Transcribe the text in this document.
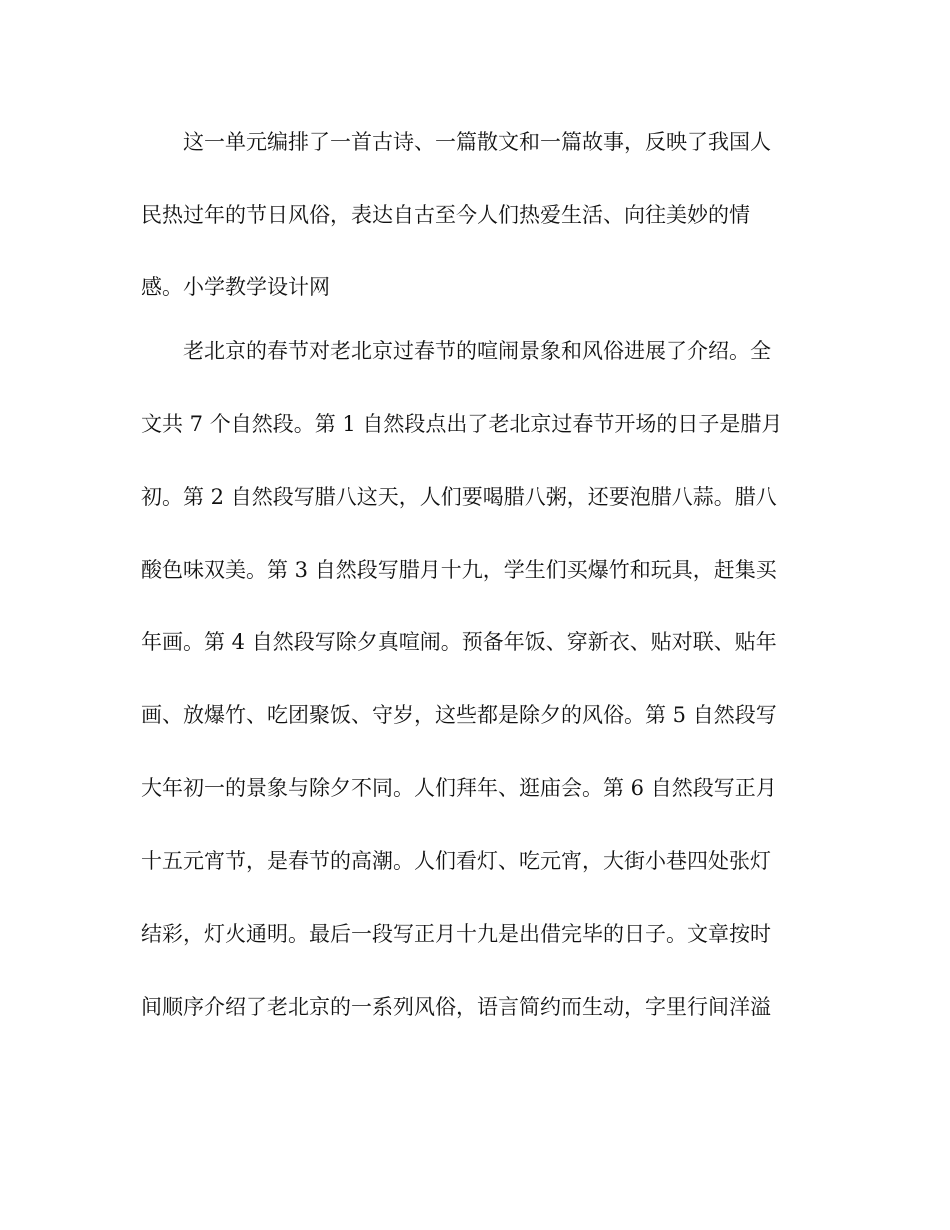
这一单元编排了一首古诗、一篇散文和一篇故事，反映了我国人
民热过年的节日风俗，表达自古至今人们热爱生活、向往美妙的情
感。小学教学设计网
老北京的春节对老北京过春节的喧闹景象和风俗进展了介绍。全
文共 7 个自然段。第 1 自然段点出了老北京过春节开场的日子是腊月
初。第 2 自然段写腊八这天，人们要喝腊八粥，还要泡腊八蒜。腊八
酸色味双美。第 3 自然段写腊月十九，学生们买爆竹和玩具，赶集买
年画。第 4 自然段写除夕真喧闹。预备年饭、穿新衣、贴对联、贴年
画、放爆竹、吃团聚饭、守岁，这些都是除夕的风俗。第 5 自然段写
大年初一的景象与除夕不同。人们拜年、逛庙会。第 6 自然段写正月
十五元宵节，是春节的高潮。人们看灯、吃元宵，大街小巷四处张灯
结彩，灯火通明。最后一段写正月十九是出借完毕的日子。文章按时
间顺序介绍了老北京的一系列风俗，语言简约而生动，字里行间洋溢
